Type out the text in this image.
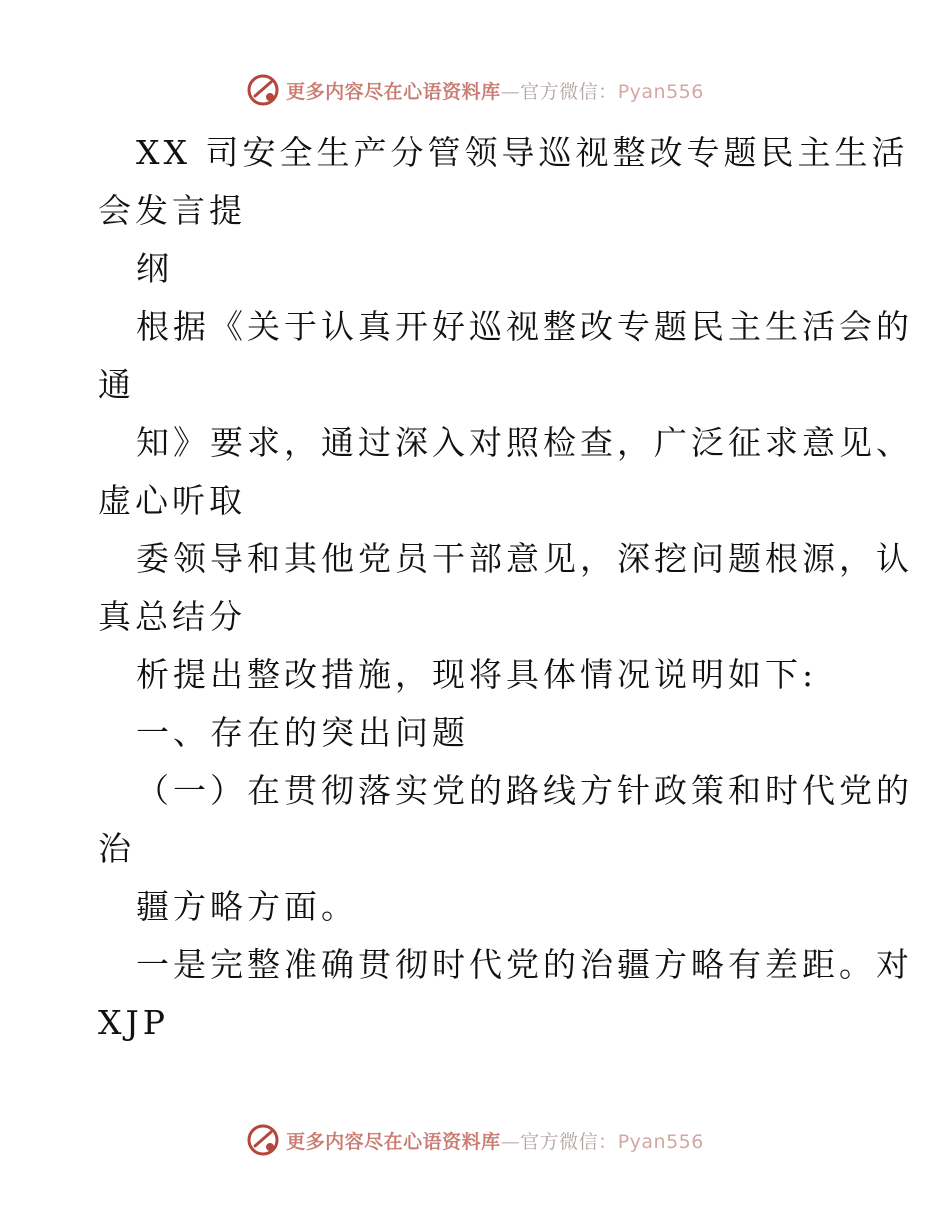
更多内容尽在心语资料库—官方微信：Pyan556
XX 司安全生产分管领导巡视整改专题民主生活
会发言提
纲
根据《关于认真开好巡视整改专题民主生活会的
通
知》要求，通过深入对照检查，广泛征求意见、
虚心听取
委领导和其他党员干部意见，深挖问题根源，认
真总结分
析提出整改措施，现将具体情况说明如下:
一、存在的突出问题
（一）在贯彻落实党的路线方针政策和时代党的
治
疆方略方面。
一是完整准确贯彻时代党的治疆方略有差距。对
XJP
更多内容尽在心语资料库—官方微信：Pyan556
